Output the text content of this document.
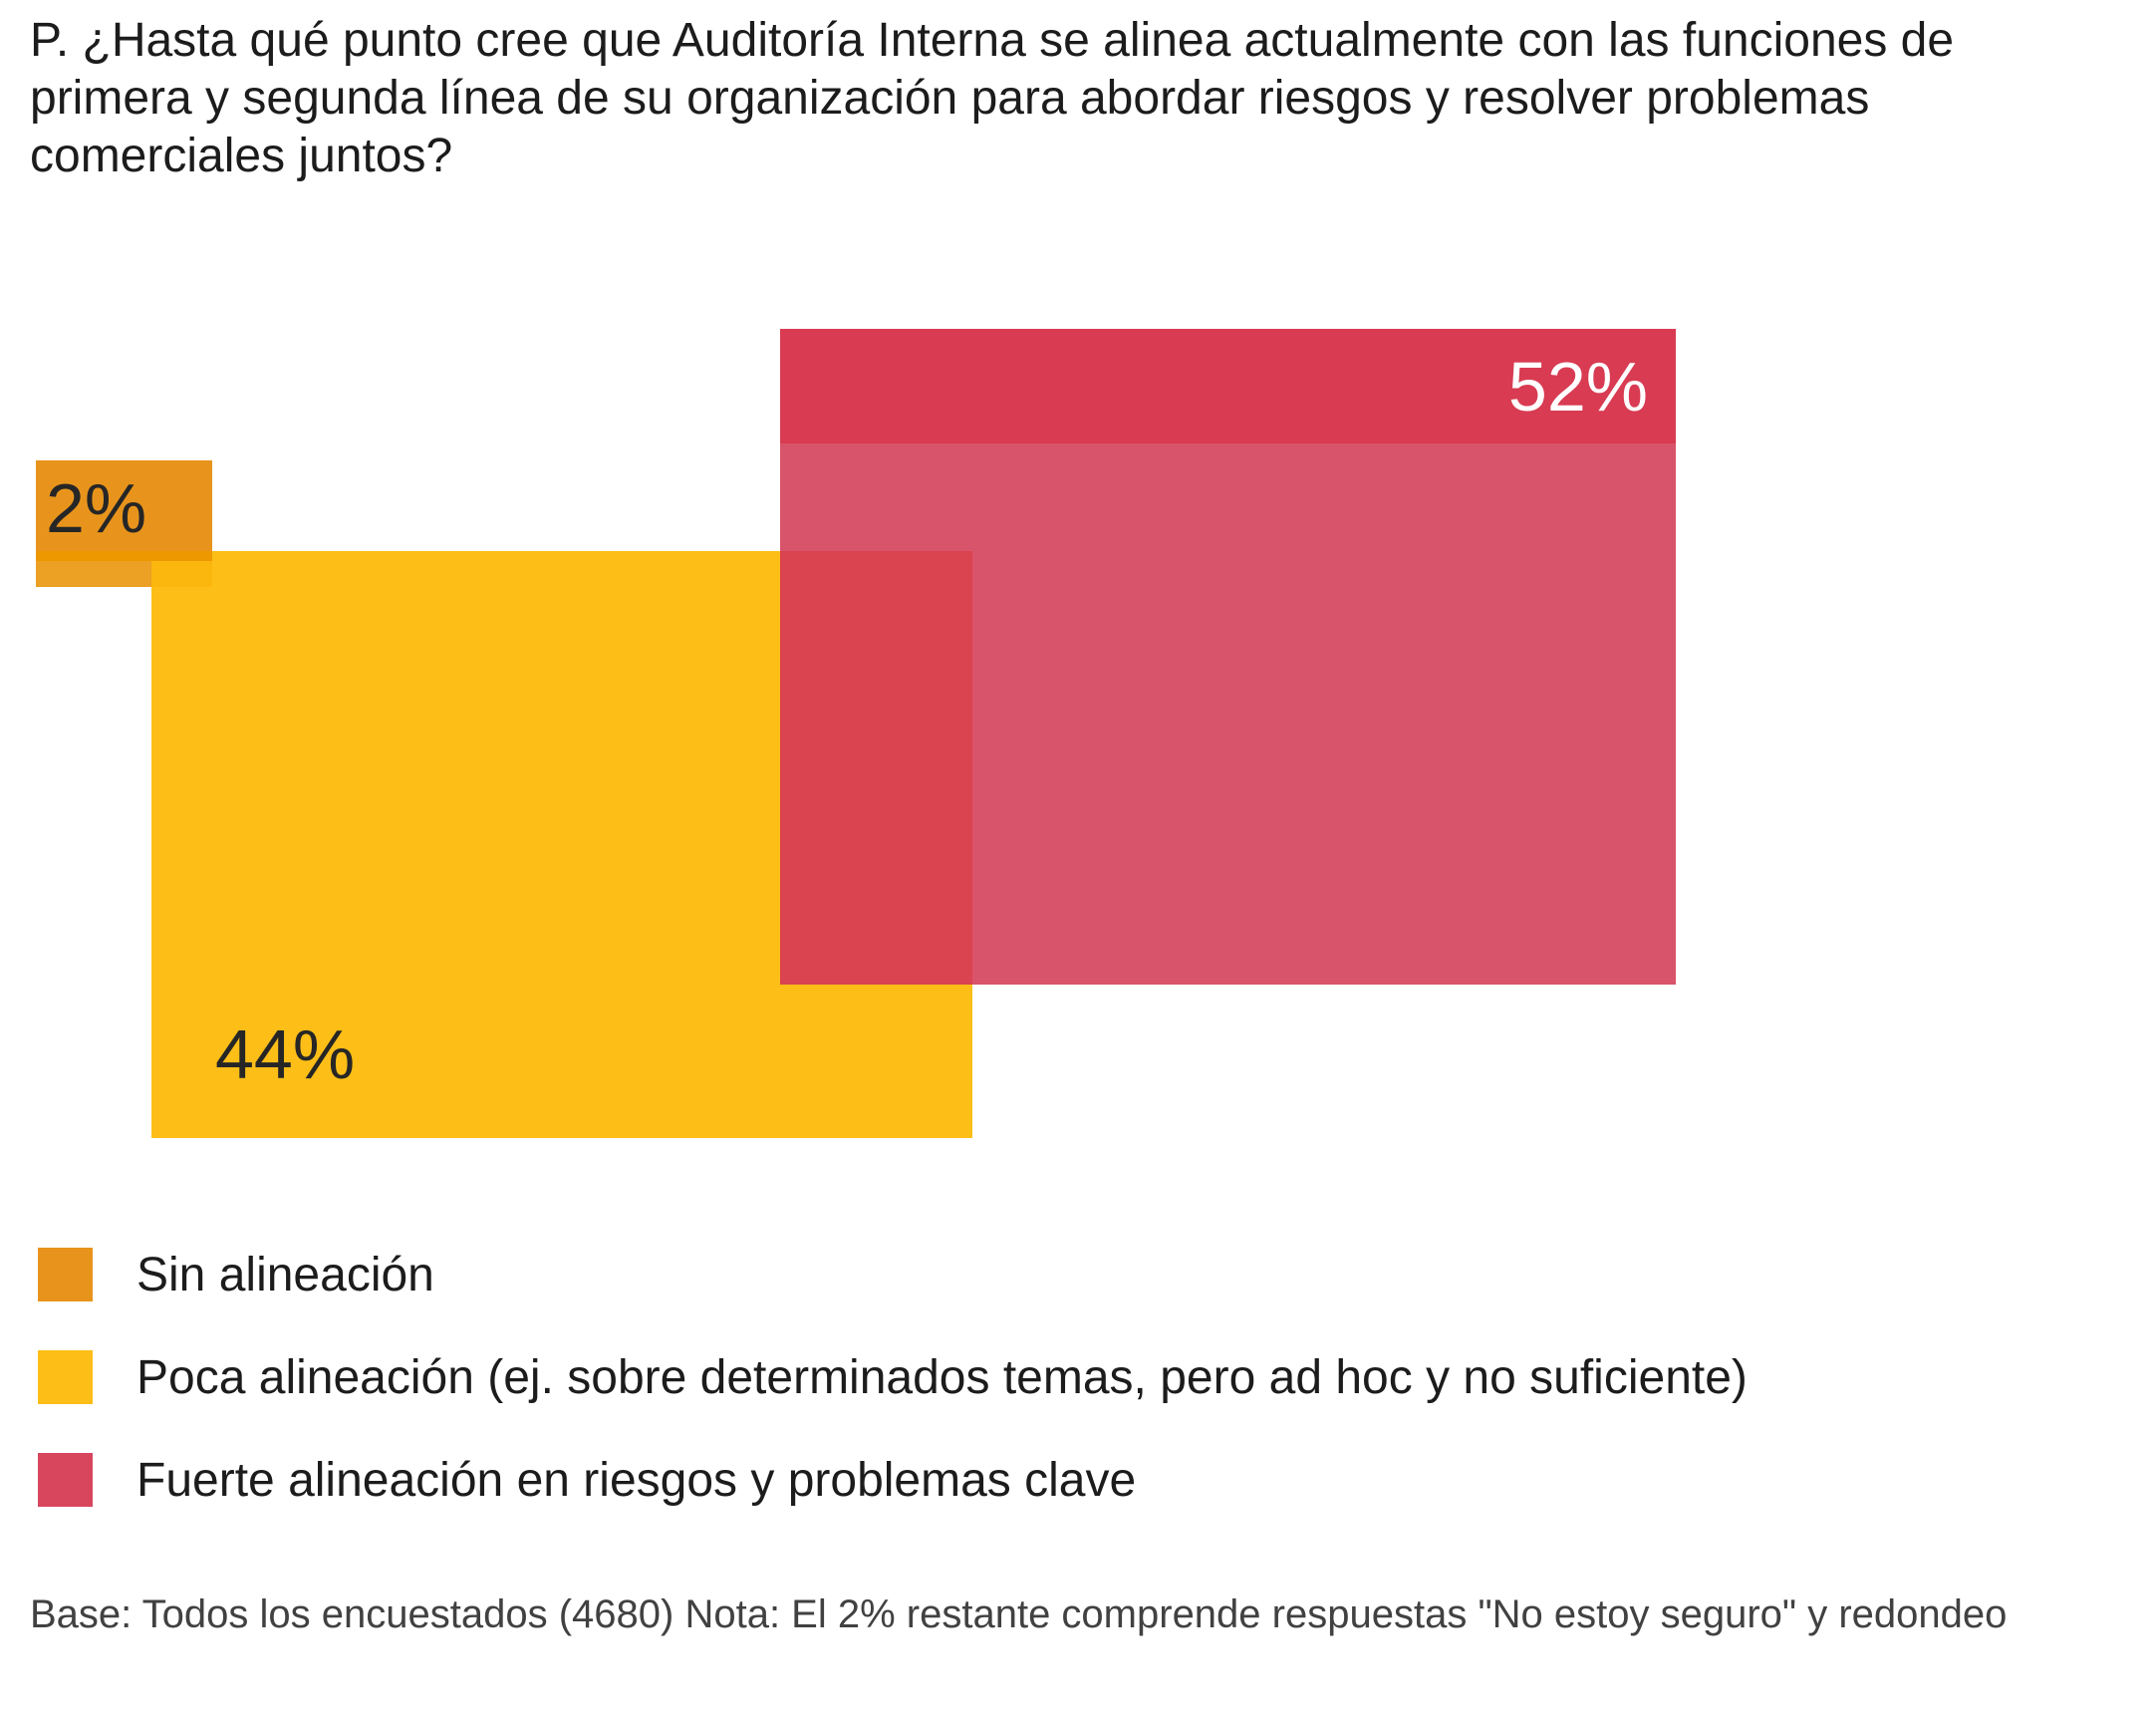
P. ¿Hasta qué punto cree que Auditoría Interna se alinea actualmente con las funciones de primera y segunda línea de su organización para abordar riesgos y resolver problemas comerciales juntos?
44%
2%
52%
Sin alineación
Poca alineación (ej. sobre determinados temas, pero ad hoc y no suficiente)
Fuerte alineación en riesgos y problemas clave
Base: Todos los encuestados (4680) Nota: El 2% restante comprende respuestas "No estoy seguro" y redondeo
